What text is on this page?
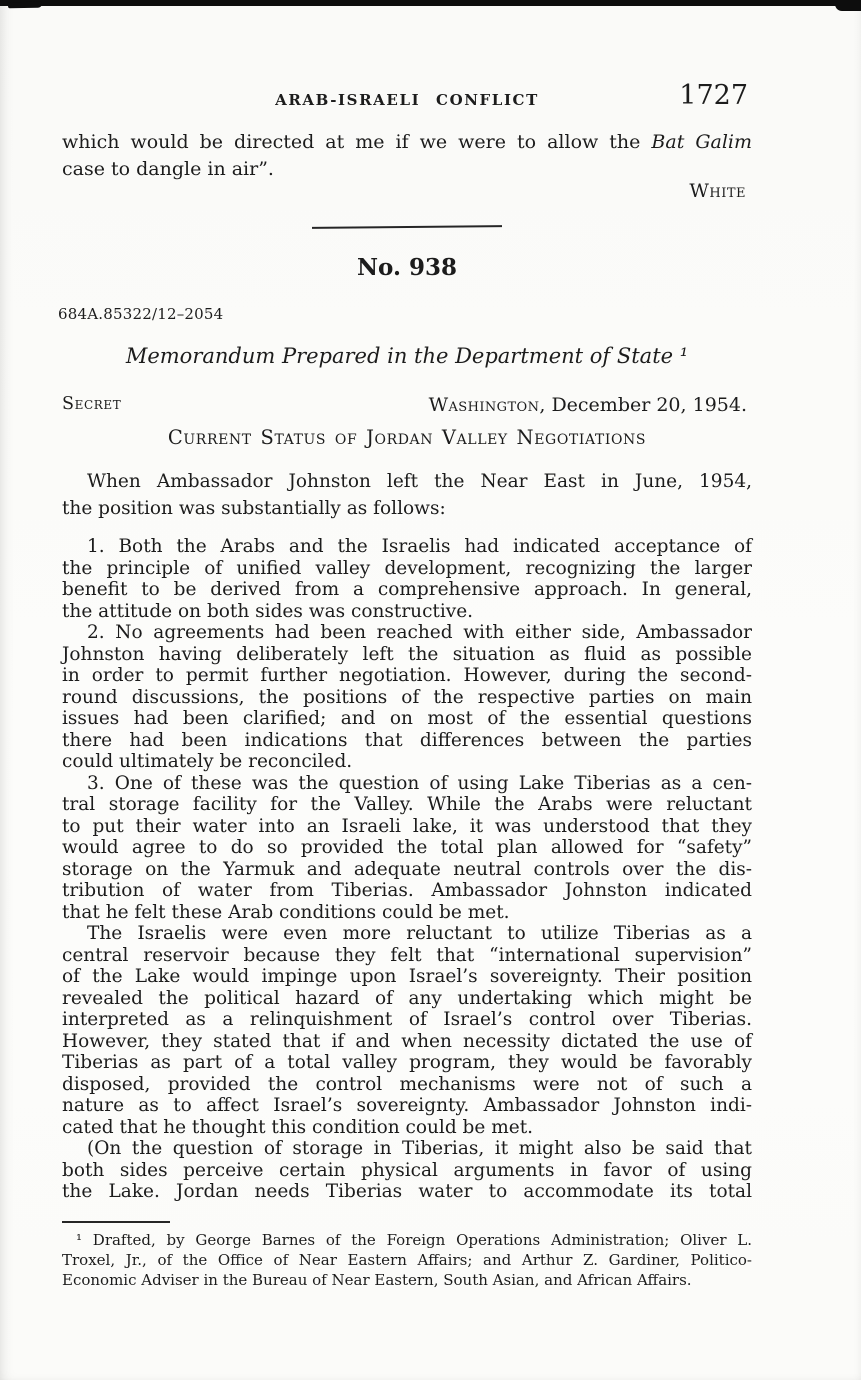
ARAB-ISRAELI CONFLICT	1727
which would be directed at me if we were to allow the Bat Galim
case to dangle in air”.
White
No. 938
684A.85322/12–2054
Memorandum Prepared in the Department of State ¹
Secret	Washington, December 20, 1954.
Current Status of Jordan Valley Negotiations
When Ambassador Johnston left the Near East in June, 1954,
the position was substantially as follows:
1. Both the Arabs and the Israelis had indicated acceptance of
the principle of unified valley development, recognizing the larger
benefit to be derived from a comprehensive approach. In general,
the attitude on both sides was constructive.
2. No agreements had been reached with either side, Ambassador
Johnston having deliberately left the situation as fluid as possible
in order to permit further negotiation. However, during the second-
round discussions, the positions of the respective parties on main
issues had been clarified; and on most of the essential questions
there had been indications that differences between the parties
could ultimately be reconciled.
3. One of these was the question of using Lake Tiberias as a cen-
tral storage facility for the Valley. While the Arabs were reluctant
to put their water into an Israeli lake, it was understood that they
would agree to do so provided the total plan allowed for “safety”
storage on the Yarmuk and adequate neutral controls over the dis-
tribution of water from Tiberias. Ambassador Johnston indicated
that he felt these Arab conditions could be met.
The Israelis were even more reluctant to utilize Tiberias as a
central reservoir because they felt that “international supervision”
of the Lake would impinge upon Israel’s sovereignty. Their position
revealed the political hazard of any undertaking which might be
interpreted as a relinquishment of Israel’s control over Tiberias.
However, they stated that if and when necessity dictated the use of
Tiberias as part of a total valley program, they would be favorably
disposed, provided the control mechanisms were not of such a
nature as to affect Israel’s sovereignty. Ambassador Johnston indi-
cated that he thought this condition could be met.
(On the question of storage in Tiberias, it might also be said that
both sides perceive certain physical arguments in favor of using
the Lake. Jordan needs Tiberias water to accommodate its total
¹ Drafted, by George Barnes of the Foreign Operations Administration; Oliver L.
Troxel, Jr., of the Office of Near Eastern Affairs; and Arthur Z. Gardiner, Politico-
Economic Adviser in the Bureau of Near Eastern, South Asian, and African Affairs.
